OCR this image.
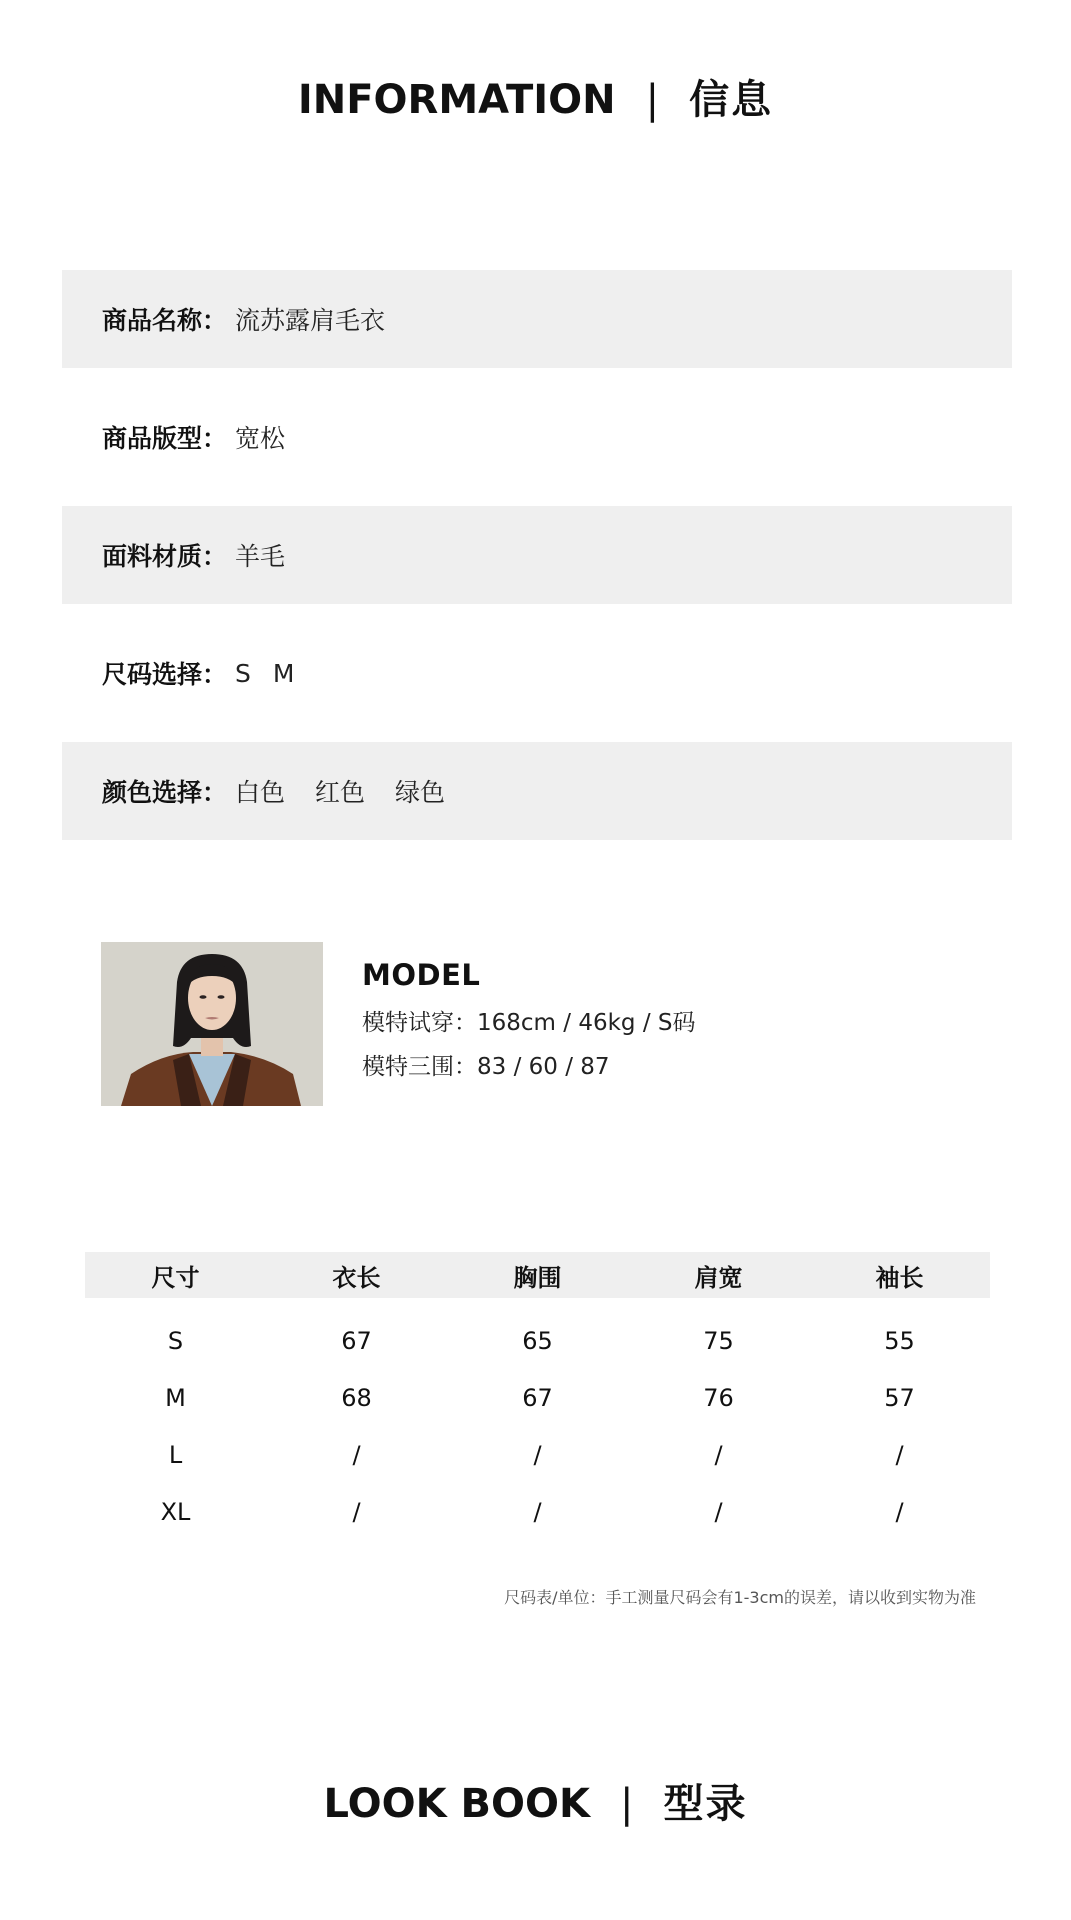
INFORMATION | 信息
商品名称： 流苏露肩毛衣
商品版型： 宽松
面料材质： 羊毛
尺码选择： S M
颜色选择： 白色 红色 绿色
MODEL
模特试穿：168cm / 46kg / S码
模特三围：83 / 60 / 87
尺寸	衣长	胸围	肩宽	袖长
S	67	65	75	55
M	68	67	76	57
L	/	/	/	/
XL	/	/	/	/
尺码表/单位：手工测量尺码会有1-3cm的误差，请以收到实物为准
LOOK BOOK | 型录
